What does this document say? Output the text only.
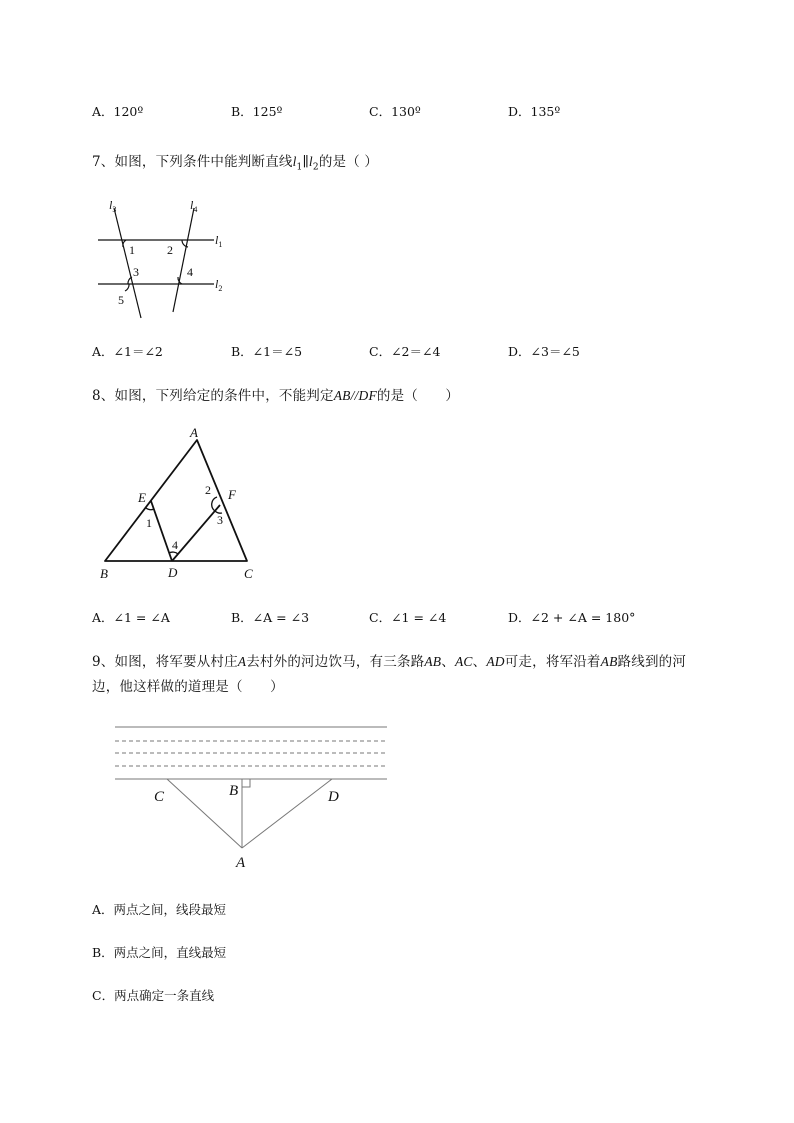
A．120º	B．125º	C．130º	D．135º
7、如图，下列条件中能判断直线$l_1\parallel l_2$的是（ ）
$l_3$	$l_4$
$l_1$
$l_2$
1	2
3	4
5
A．∠1＝∠2	B．∠1＝∠5	C．∠2＝∠4	D．∠3＝∠5
8、如图，下列给定的条件中，不能判定AB//DF的是（　　）
A
B	C
D
E	F
1
2
3
4
A．∠1 = ∠A	B．∠A = ∠3	C．∠1 = ∠4	D．∠2 + ∠A = 180°
9、如图，将军要从村庄A去村外的河边饮马，有三条路AB、AC、AD可走，将军沿着AB路线到的河
边，他这样做的道理是（　　）
C	B	D
A
A．两点之间，线段最短
B．两点之间，直线最短
C．两点确定一条直线
